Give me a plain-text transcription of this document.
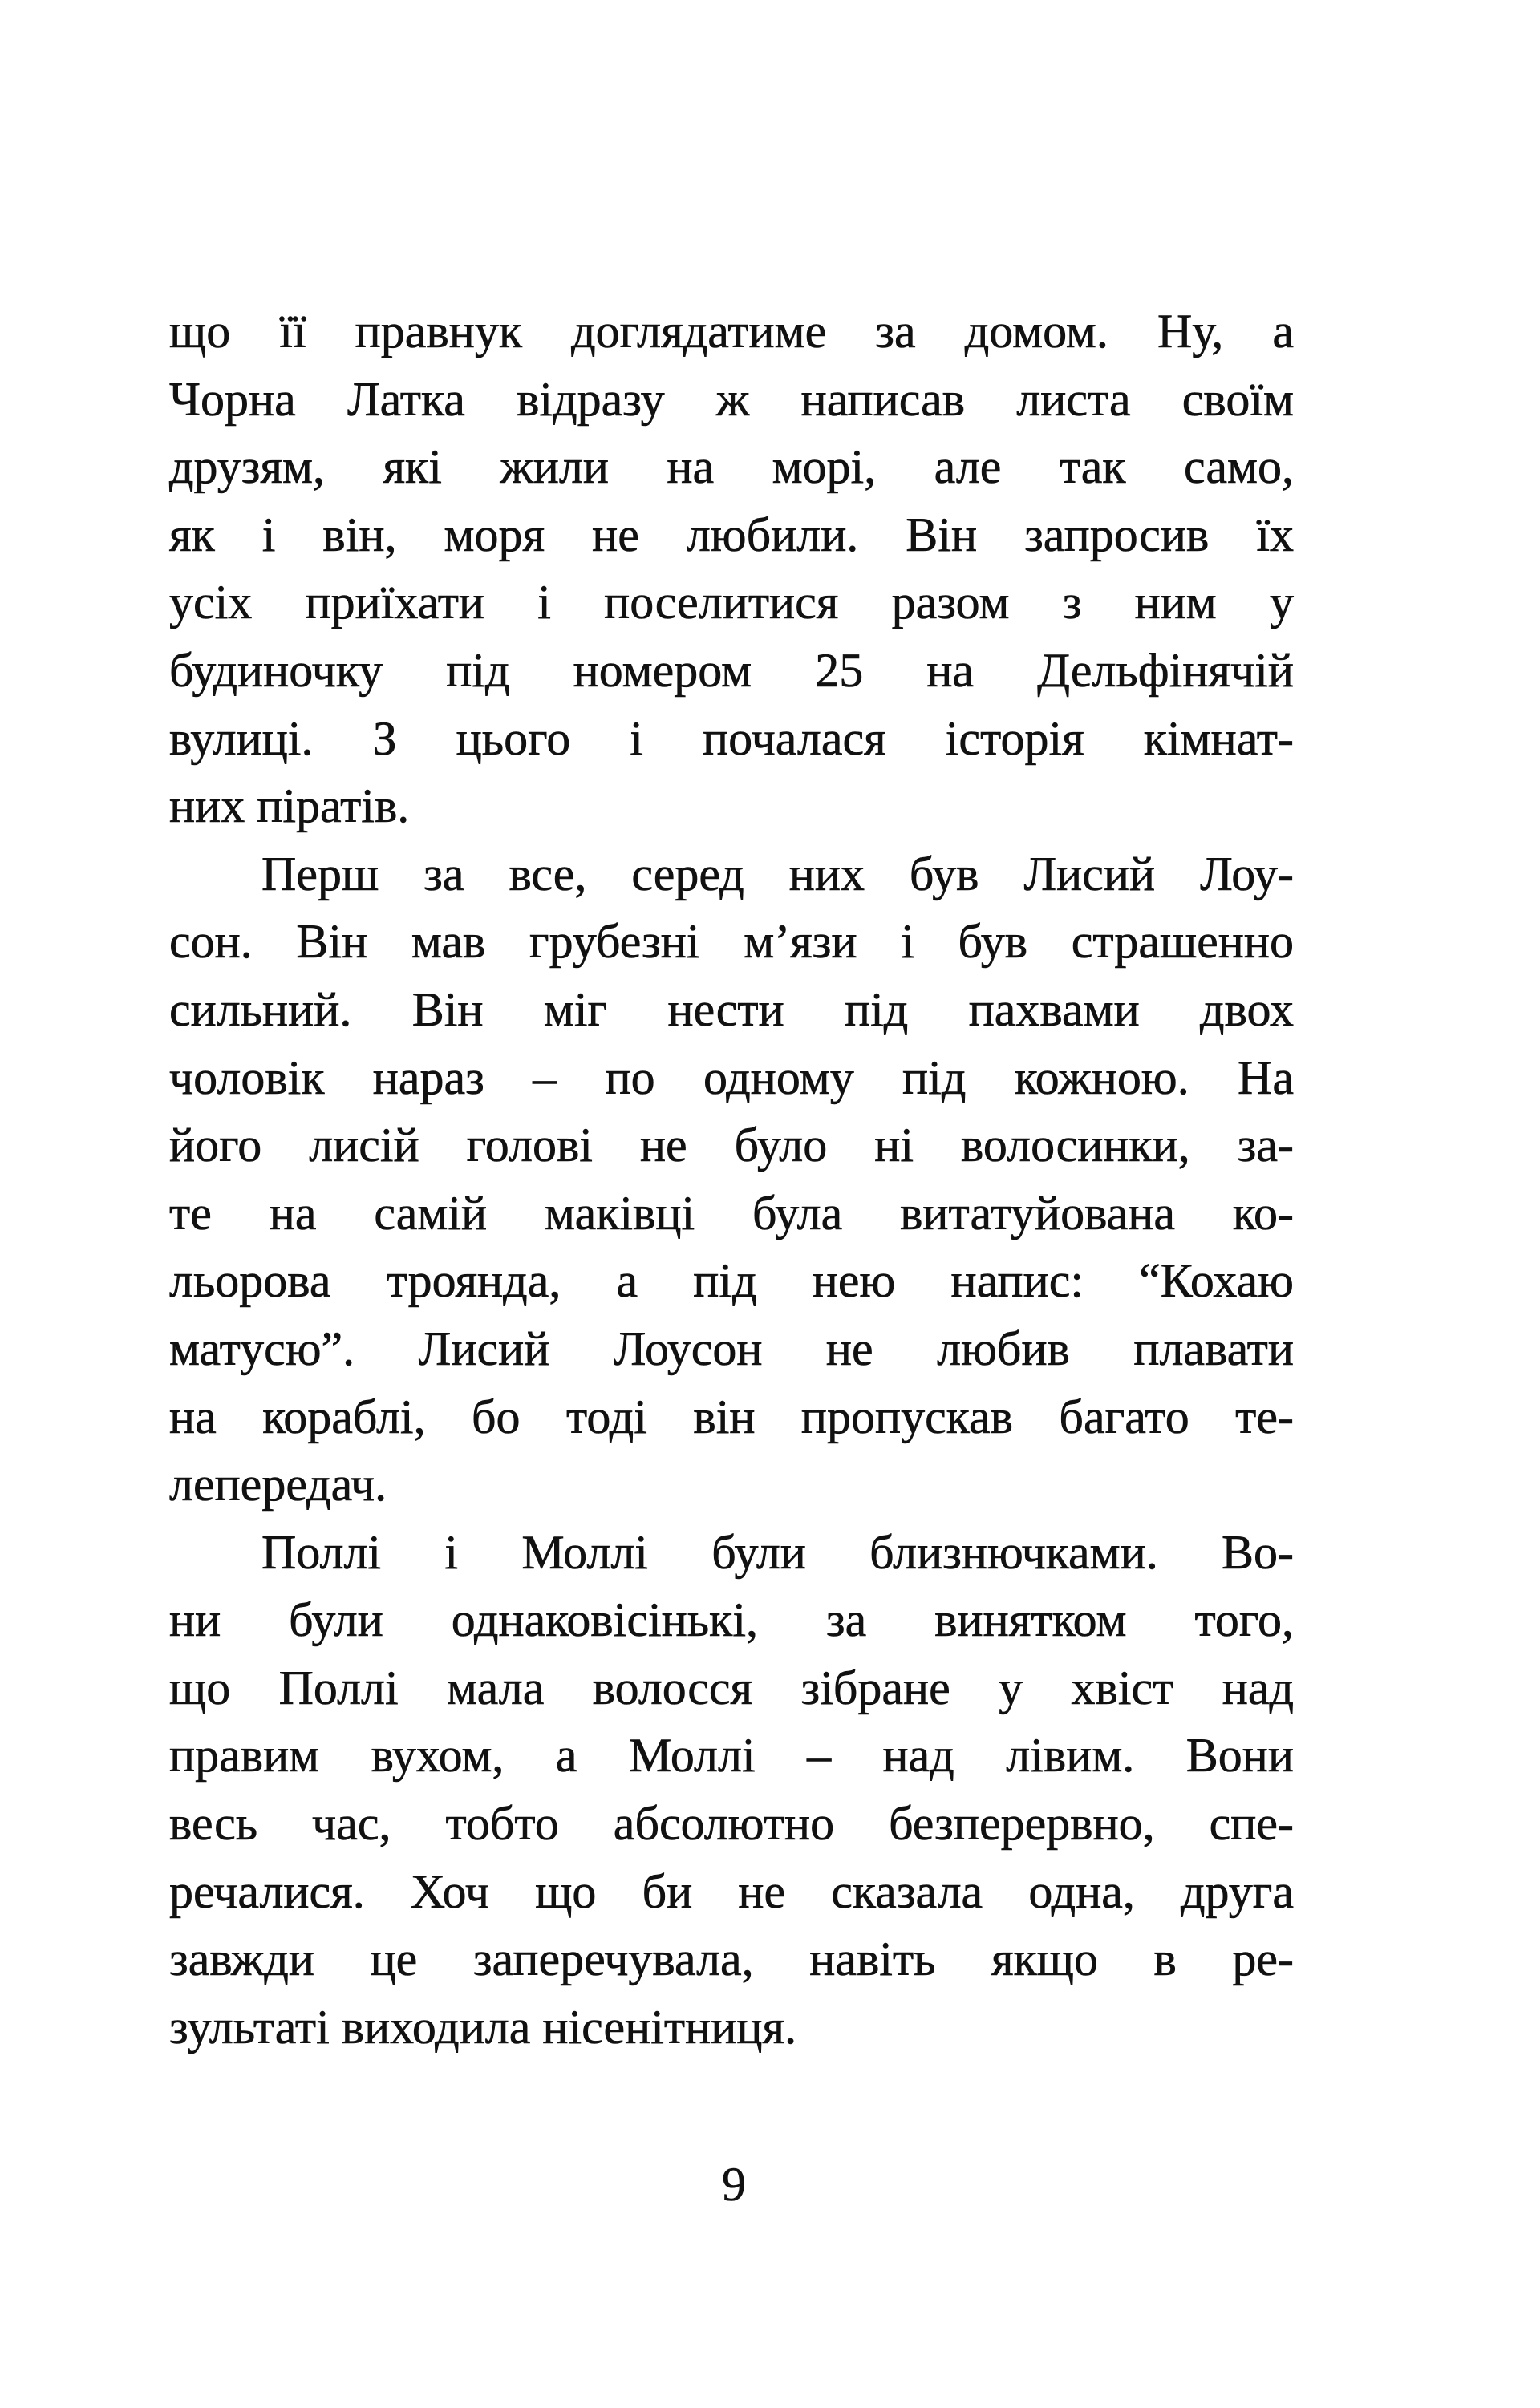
що її правнук доглядатиме за домом. Ну, а
Чорна Латка відразу ж написав листа своїм
друзям, які жили на морі, але так само,
як і він, моря не любили. Він запросив їх
усіх приїхати і поселитися разом з ним у
будиночку під номером 25 на Дельфінячій
вулиці. З цього і почалася історія кімнат-
них піратів.
Перш за все, серед них був Лисий Лоу-
сон. Він мав грубезні м’язи і був страшенно
сильний. Він міг нести під пахвами двох
чоловік нараз – по одному під кожною. На
його лисій голові не було ні волосинки, за-
те на самій маківці була витатуйована ко-
льорова троянда, а під нею напис: “Кохаю
матусю”. Лисий Лоусон не любив плавати
на кораблі, бо тоді він пропускав багато те-
лепередач.
Поллі і Моллі були близнючками. Во-
ни були однаковісінькі, за винятком того,
що Поллі мала волосся зібране у хвіст над
правим вухом, а Моллі – над лівим. Вони
весь час, тобто абсолютно безперервно, спе-
речалися. Хоч що би не сказала одна, друга
завжди це заперечувала, навіть якщо в ре-
зультаті виходила нісенітниця.
9
